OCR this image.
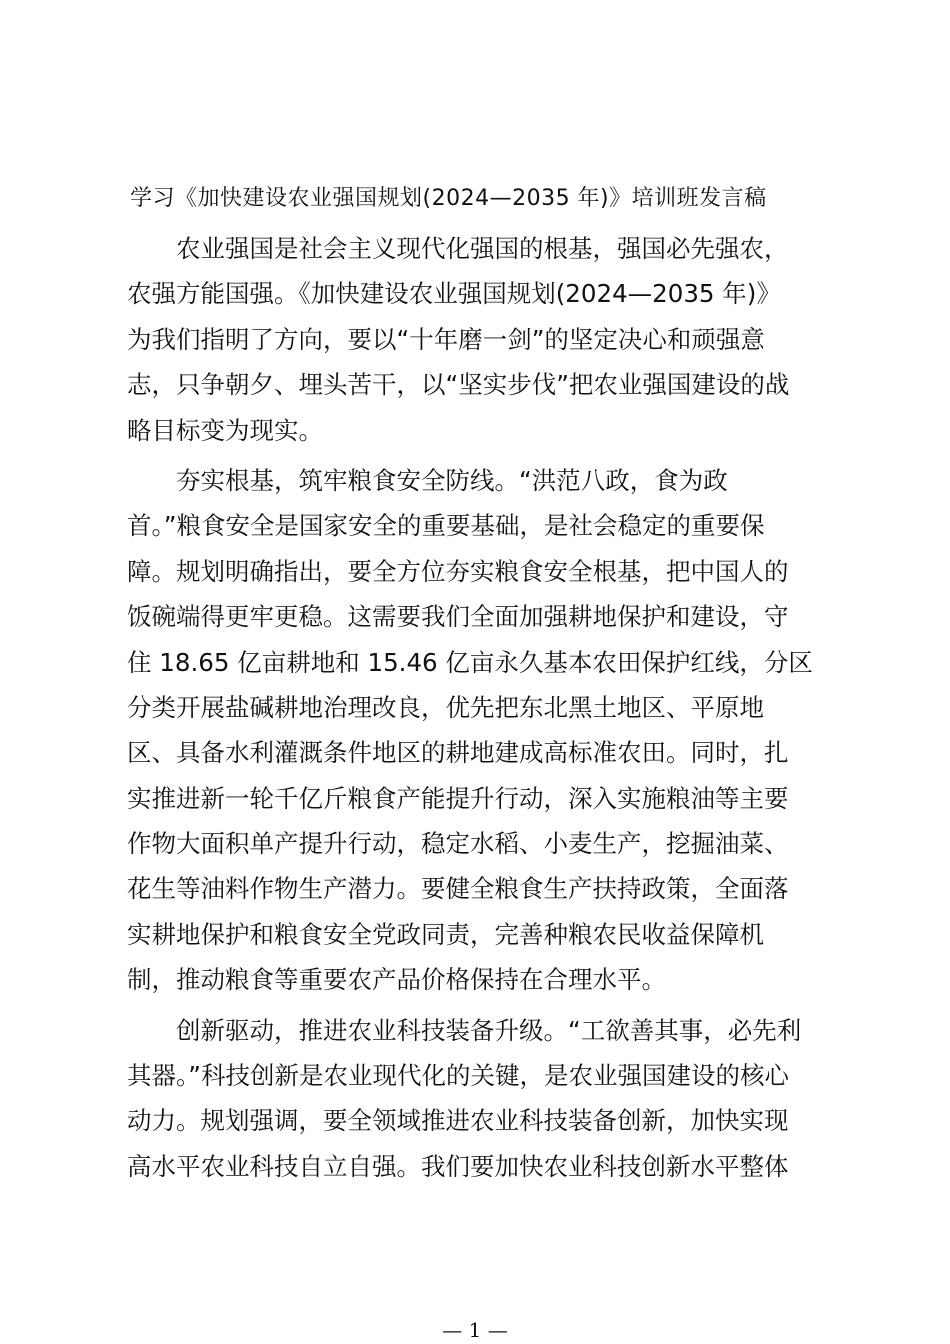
学习《加快建设农业强国规划(2024—2035 年)》培训班发言稿
　　农业强国是社会主义现代化强国的根基，强国必先强农，
农强方能国强。《加快建设农业强国规划(2024—2035 年)》
为我们指明了方向，要以“十年磨一剑”的坚定决心和顽强意
志，只争朝夕、埋头苦干，以“坚实步伐”把农业强国建设的战
略目标变为现实。
　　夯实根基，筑牢粮食安全防线。“洪范八政，食为政
首。”粮食安全是国家安全的重要基础，是社会稳定的重要保
障。规划明确指出，要全方位夯实粮食安全根基，把中国人的
饭碗端得更牢更稳。这需要我们全面加强耕地保护和建设，守
住 18.65 亿亩耕地和 15.46 亿亩永久基本农田保护红线，分区
分类开展盐碱耕地治理改良，优先把东北黑土地区、平原地
区、具备水利灌溉条件地区的耕地建成高标准农田。同时，扎
实推进新一轮千亿斤粮食产能提升行动，深入实施粮油等主要
作物大面积单产提升行动，稳定水稻、小麦生产，挖掘油菜、
花生等油料作物生产潜力。要健全粮食生产扶持政策，全面落
实耕地保护和粮食安全党政同责，完善种粮农民收益保障机
制，推动粮食等重要农产品价格保持在合理水平。
　　创新驱动，推进农业科技装备升级。“工欲善其事，必先利
其器。”科技创新是农业现代化的关键，是农业强国建设的核心
动力。规划强调，要全领域推进农业科技装备创新，加快实现
高水平农业科技自立自强。我们要加快农业科技创新水平整体
— 1 —
